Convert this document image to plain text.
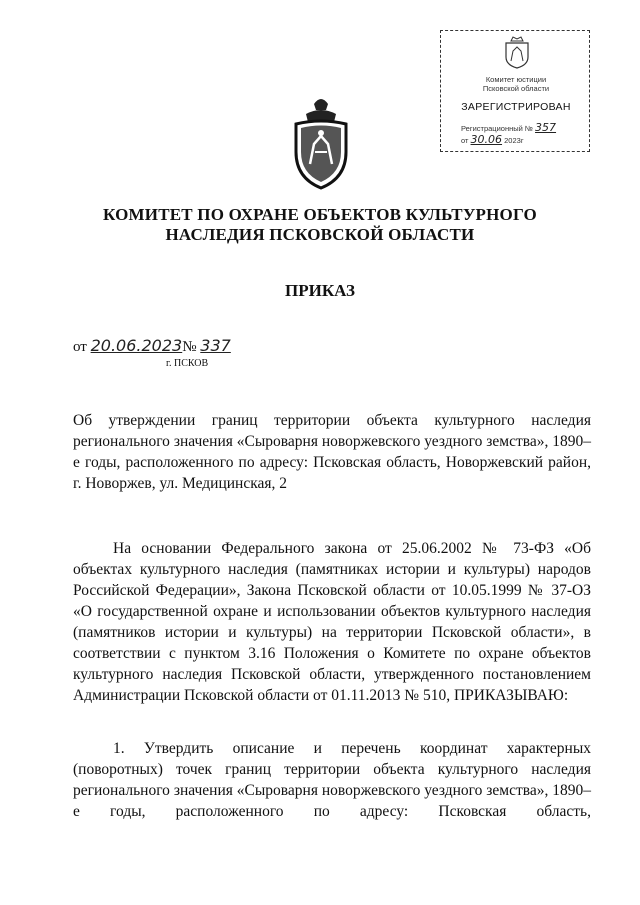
Комитет юстиции
Псковской области
ЗАРЕГИСТРИРОВАН
Регистрационный № 357
от 30.06 2023г
КОМИТЕТ ПО ОХРАНЕ ОБЪЕКТОВ КУЛЬТУРНОГО
НАСЛЕДИЯ ПСКОВСКОЙ ОБЛАСТИ
ПРИКАЗ
от 20.06.2023№ 337
г. ПСКОВ

Об утверждении границ территории объекта культурного наследия регионального значения «Сыроварня новоржевского уездного земства», 1890–е годы, расположенного по адресу: Псковская область, Новоржевский район, г. Новоржев, ул. Медицинская, 2

На основании Федерального закона от 25.06.2002 № 73-ФЗ «Об объектах культурного наследия (памятниках истории и культуры) народов Российской Федерации», Закона Псковской области от 10.05.1999 № 37-ОЗ «О государственной охране и использовании объектов культурного наследия (памятников истории и культуры) на территории Псковской области», в соответствии с пунктом 3.16 Положения о Комитете по охране объектов культурного наследия Псковской области, утвержденного постановлением Администрации Псковской области от 01.11.2013 № 510, ПРИКАЗЫВАЮ:

1. Утвердить описание и перечень координат характерных (поворотных) точек границ территории объекта культурного наследия регионального значения «Сыроварня новоржевского уездного земства», 1890–е годы, расположенного по адресу: Псковская область,
